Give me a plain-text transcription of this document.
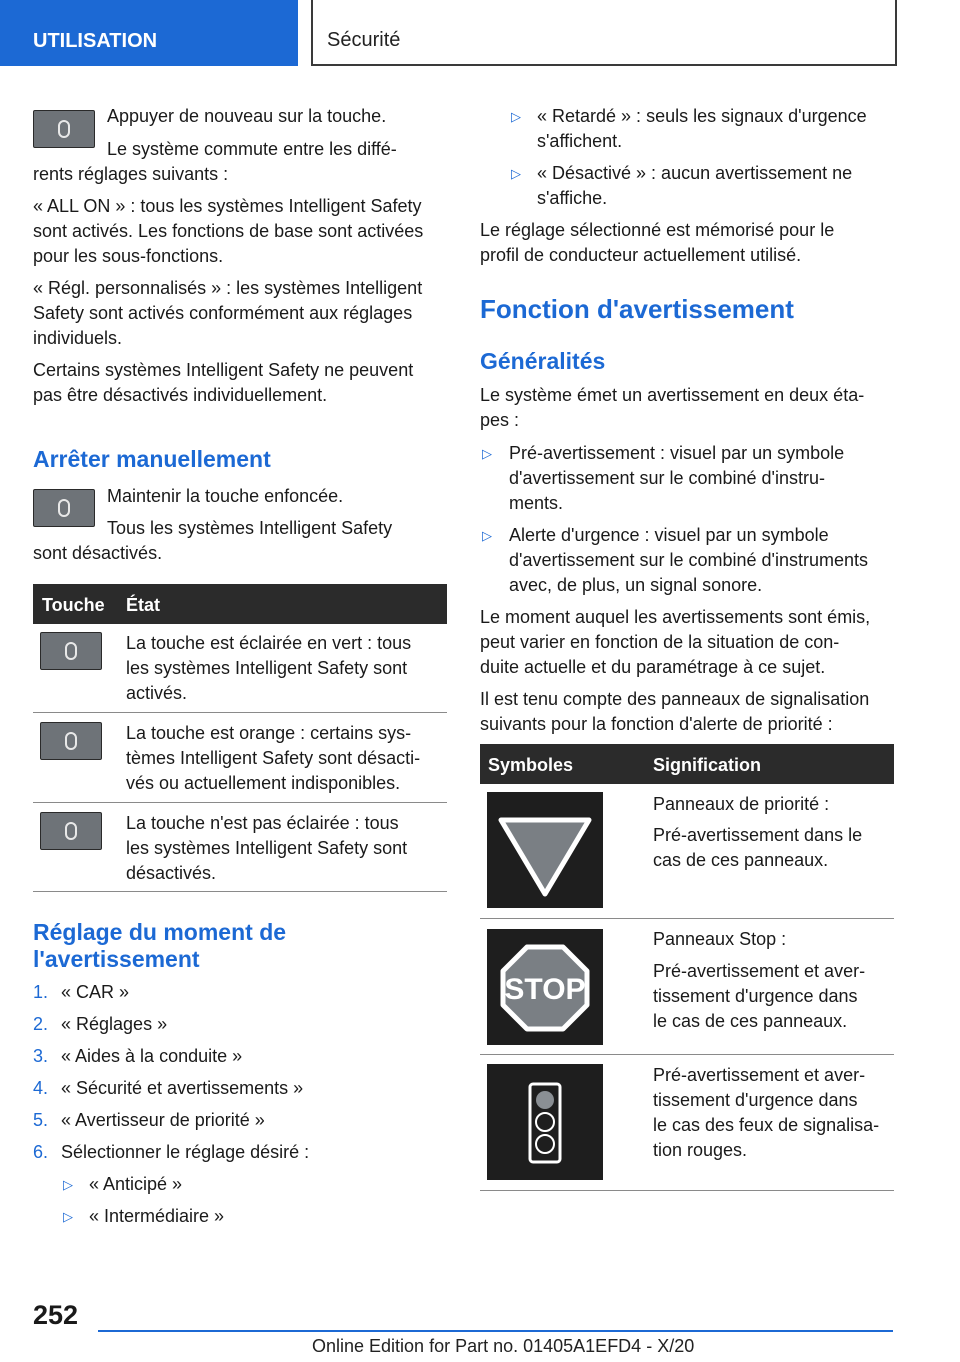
UTILISATION	Sécurité

Appuyer de nouveau sur la touche.

Le système commute entre les diffé-

rents réglages suivants :

« ALL ON » : tous les systèmes Intelligent Safety

sont activés. Les fonctions de base sont activées

pour les sous-fonctions.

« Régl. personnalisés » : les systèmes Intelligent

Safety sont activés conformément aux réglages

individuels.

Certains systèmes Intelligent Safety ne peuvent

pas être désactivés individuellement.

Arrêter manuellement

Maintenir la touche enfoncée.

Tous les systèmes Intelligent Safety

sont désactivés.

Touche État

La touche est éclairée en vert : tous

les systèmes Intelligent Safety sont

activés.

La touche est orange : certains sys-

tèmes Intelligent Safety sont désacti-

vés ou actuellement indisponibles.

La touche n'est pas éclairée : tous

les systèmes Intelligent Safety sont

désactivés.

Réglage du moment de
l'avertissement
1. « CAR »

2. « Réglages »

3. « Aides à la conduite »

4. « Sécurité et avertissements »

5. « Avertisseur de priorité »

6. Sélectionner le réglage désiré :

▷ « Anticipé »

▷ « Intermédiaire »

▷ « Retardé » : seuls les signaux d'urgence

s'affichent.

▷ « Désactivé » : aucun avertissement ne

s'affiche.

Le réglage sélectionné est mémorisé pour le

profil de conducteur actuellement utilisé.

Fonction d'avertissement
Généralités

Le système émet un avertissement en deux éta-

pes :

▷ Pré-avertissement : visuel par un symbole

d'avertissement sur le combiné d'instru-

ments.

▷ Alerte d'urgence : visuel par un symbole

d'avertissement sur le combiné d'instruments

avec, de plus, un signal sonore.

Le moment auquel les avertissements sont émis,

peut varier en fonction de la situation de con-

duite actuelle et du paramétrage à ce sujet.

Il est tenu compte des panneaux de signalisation

suivants pour la fonction d'alerte de priorité :

Symboles	Signification

Panneaux de priorité :

Pré-avertissement dans le

cas de ces panneaux.

STOP

Panneaux Stop :

Pré-avertissement et aver-

tissement d'urgence dans

le cas de ces panneaux.

Pré-avertissement et aver-

tissement d'urgence dans

le cas des feux de signalisa-

tion rouges.

252
Online Edition for Part no. 01405A1EFD4 - X/20
